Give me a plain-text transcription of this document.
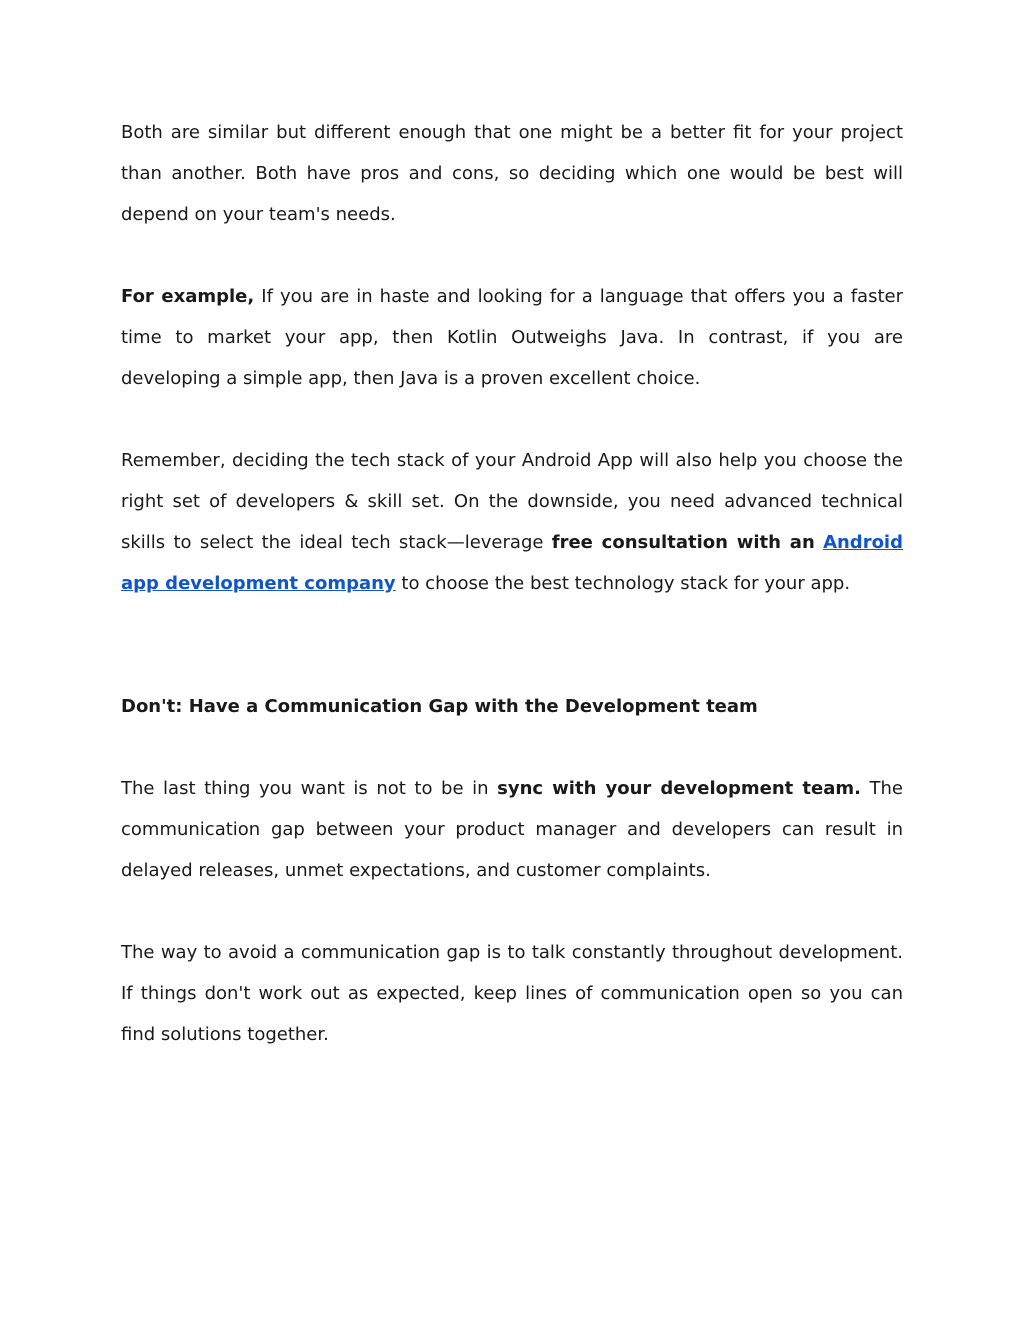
Both are similar but different enough that one might be a better fit for your project than another. Both have pros and cons, so deciding which one would be best will depend on your team's needs.

For example, If you are in haste and looking for a language that offers you a faster time to market your app, then Kotlin Outweighs Java. In contrast, if you are developing a simple app, then Java is a proven excellent choice.

Remember, deciding the tech stack of your Android App will also help you choose the right set of developers & skill set. On the downside, you need advanced technical skills to select the ideal tech stack—leverage free consultation with an Android app development company to choose the best technology stack for your app.

Don't: Have a Communication Gap with the Development team

The last thing you want is not to be in sync with your development team. The communication gap between your product manager and developers can result in delayed releases, unmet expectations, and customer complaints.

The way to avoid a communication gap is to talk constantly throughout development. If things don't work out as expected, keep lines of communication open so you can find solutions together.
